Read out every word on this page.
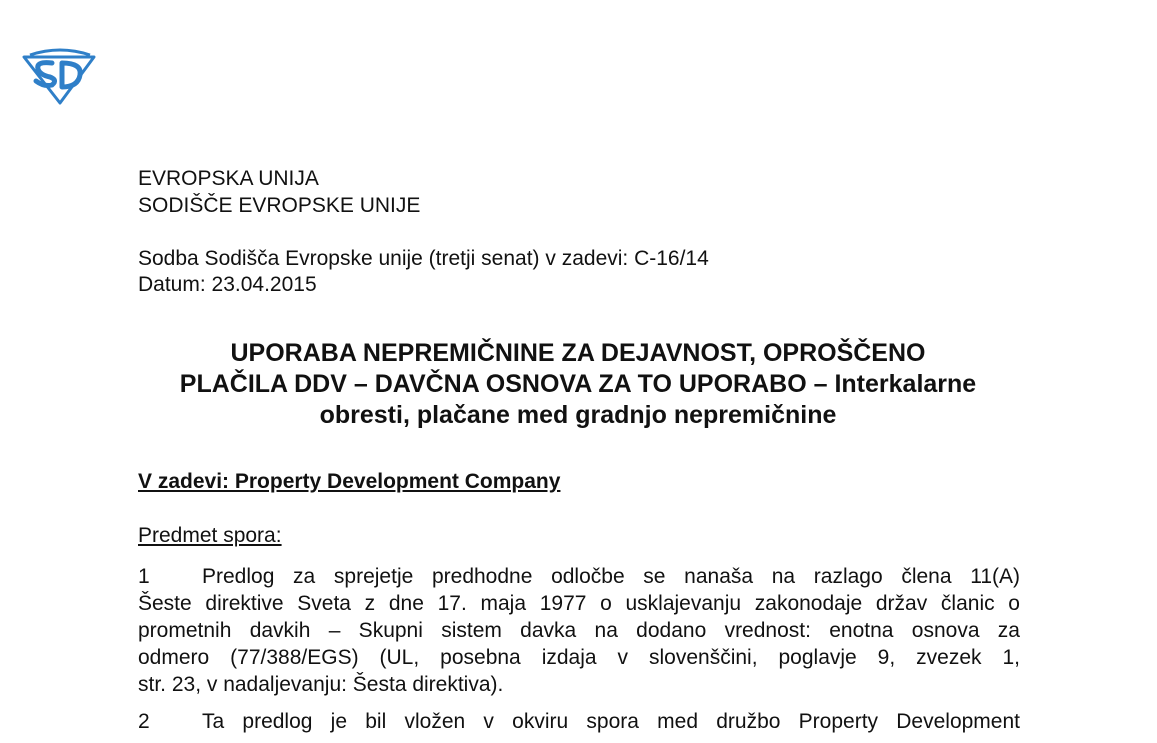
EVROPSKA UNIJA
SODIŠČE EVROPSKE UNIJE
Sodba Sodišča Evropske unije (tretji senat) v zadevi: C-16/14
Datum: 23.04.2015
UPORABA NEPREMIČNINE ZA DEJAVNOST, OPROŠČENO
PLAČILA DDV – DAVČNA OSNOVA ZA TO UPORABO – Interkalarne
obresti, plačane med gradnjo nepremičnine
V zadevi: Property Development Company
Predmet spora:
1 Predlog za sprejetje predhodne odločbe se nanaša na razlago člena 11(A)
Šeste direktive Sveta z dne 17. maja 1977 o usklajevanju zakonodaje držav članic o
prometnih davkih – Skupni sistem davka na dodano vrednost: enotna osnova za
odmero (77/388/EGS) (UL, posebna izdaja v slovenščini, poglavje 9, zvezek 1,
str. 23, v nadaljevanju: Šesta direktiva).
2 Ta predlog je bil vložen v okviru spora med družbo Property Development
